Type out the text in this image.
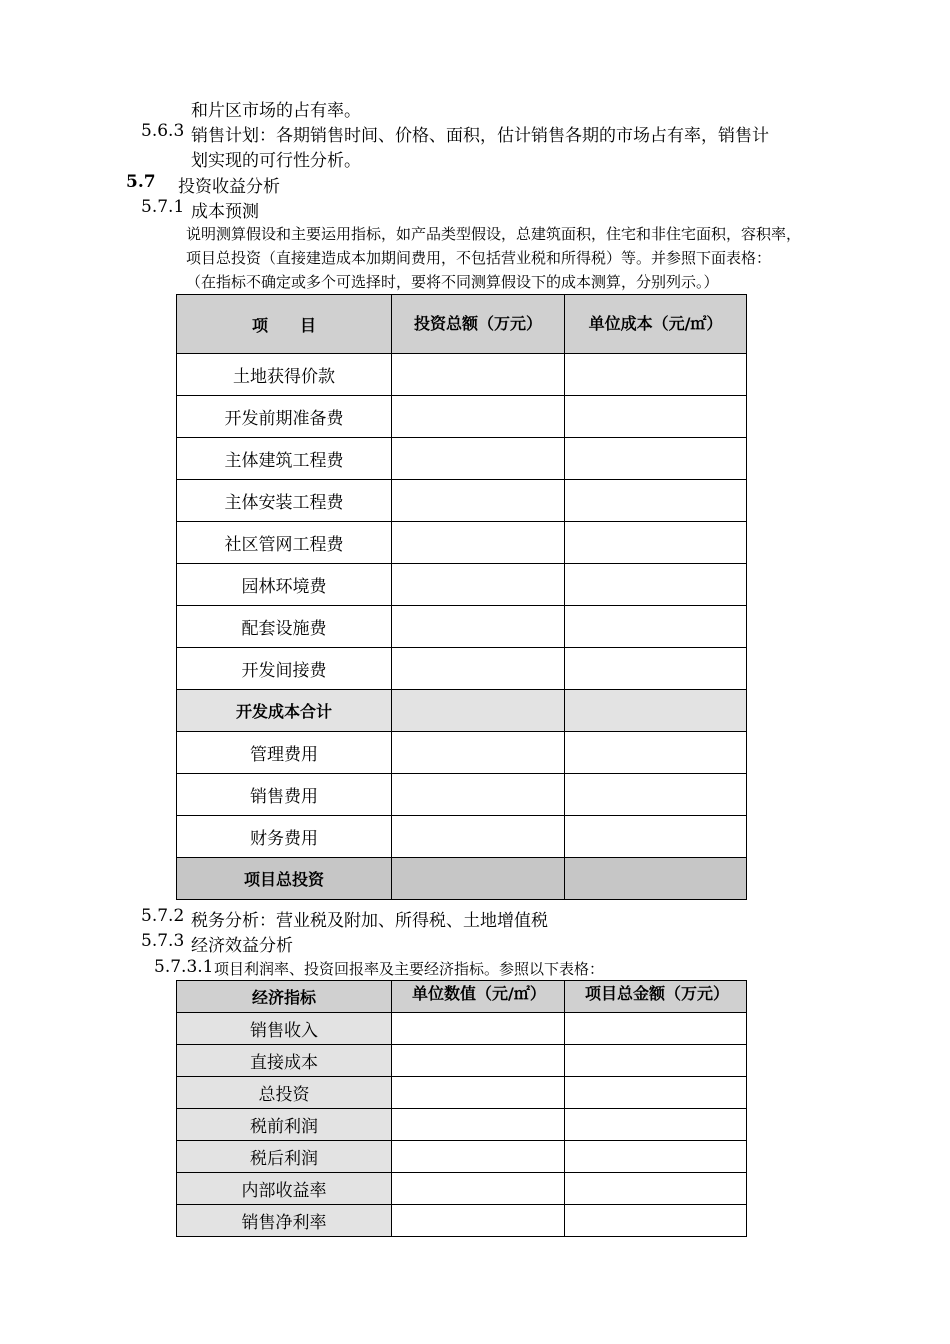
和片区市场的占有率。
5.6.3 销售计划：各期销售时间、价格、面积，估计销售各期的市场占有率，销售计
划实现的可行性分析。
5.7 投资收益分析
5.7.1 成本预测
说明测算假设和主要运用指标，如产品类型假设，总建筑面积，住宅和非住宅面积，容积率，
项目总投资（直接建造成本加期间费用，不包括营业税和所得税）等。并参照下面表格：
（在指标不确定或多个可选择时，要将不同测算假设下的成本测算，分别列示。）
项　　目	投资总额（万元）	单位成本（元/㎡）
土地获得价款		
开发前期准备费		
主体建筑工程费		
主体安装工程费		
社区管网工程费		
园林环境费		
配套设施费		
开发间接费		
开发成本合计		
管理费用		
销售费用		
财务费用		
项目总投资		
5.7.2 税务分析：营业税及附加、所得税、土地增值税
5.7.3 经济效益分析
5.7.3.1 项目利润率、投资回报率及主要经济指标。参照以下表格：
经济指标	单位数值（元/㎡）	项目总金额（万元）

销售收入		
直接成本		
总投资		
税前利润		
税后利润		
内部收益率		
销售净利率		
